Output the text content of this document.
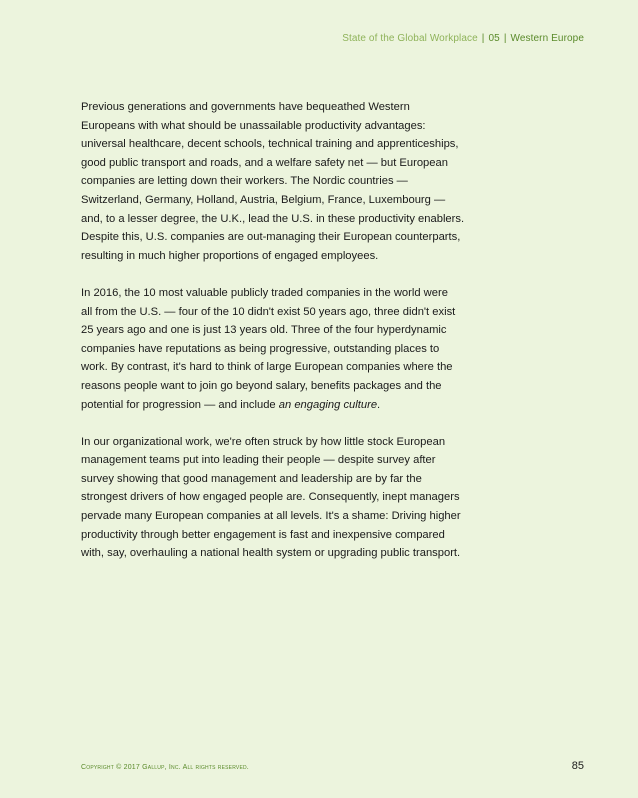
State of the Global Workplace | 05 | Western Europe

Previous generations and governments have bequeathed Western
Europeans with what should be unassailable productivity advantages:
universal healthcare, decent schools, technical training and apprenticeships,
good public transport and roads, and a welfare safety net — but European
companies are letting down their workers. The Nordic countries —
Switzerland, Germany, Holland, Austria, Belgium, France, Luxembourg —
and, to a lesser degree, the U.K., lead the U.S. in these productivity enablers.
Despite this, U.S. companies are out-managing their European counterparts,
resulting in much higher proportions of engaged employees.

In 2016, the 10 most valuable publicly traded companies in the world were
all from the U.S. — four of the 10 didn't exist 50 years ago, three didn't exist
25 years ago and one is just 13 years old. Three of the four hyperdynamic
companies have reputations as being progressive, outstanding places to
work. By contrast, it's hard to think of large European companies where the
reasons people want to join go beyond salary, benefits packages and the
potential for progression — and include an engaging culture.

In our organizational work, we're often struck by how little stock European
management teams put into leading their people — despite survey after
survey showing that good management and leadership are by far the
strongest drivers of how engaged people are. Consequently, inept managers
pervade many European companies at all levels. It's a shame: Driving higher
productivity through better engagement is fast and inexpensive compared
with, say, overhauling a national health system or upgrading public transport.

Copyright © 2017 Gallup, Inc. All rights reserved.	85
